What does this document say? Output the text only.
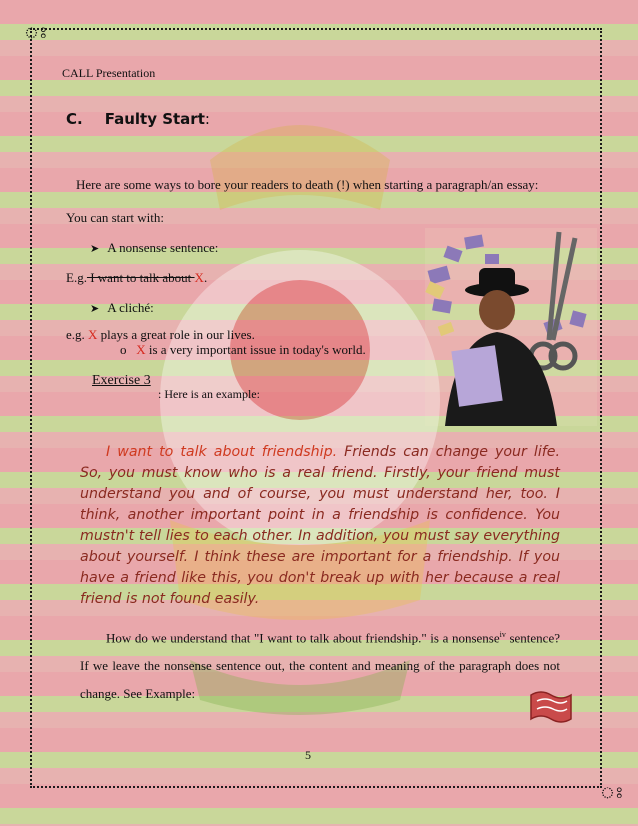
ঃ
ঃ
CALL Presentation
C. Faulty Start:
Here are some ways to bore your readers to death (!) when starting a paragraph/an essay:
You can start with:
➤ A nonsense sentence:
E.g. I want to talk about X.
➤ A cliché:
e.g. X plays a great role in our lives.
o X is a very important issue in today's world.
Exercise 3
: Here is an example:
I want to talk about friendship. Friends can change your life. So, you must know who is a real friend. Firstly, your friend must understand you and of course, you must understand her, too. I think, another important point in a friendship is confidence. You mustn't tell lies to each other. In addition, you must say everything about yourself. I think these are important for a friendship. If you have a friend like this, you don't break up with her because a real friend is not found easily.
How do we understand that "I want to talk about friendship." is a nonsense$^{iv}$ sentence? If we leave the nonsense sentence out, the content and meaning of the paragraph does not change. See Example:
5
